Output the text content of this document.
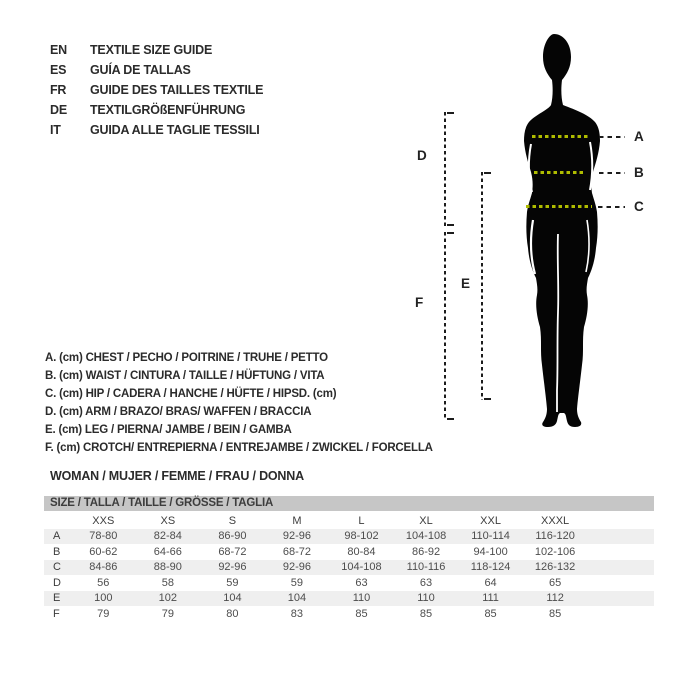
EN TEXTILE SIZE GUIDE
ES GUÍA DE TALLAS
FR GUIDE DES TAILLES TEXTILE
DE TEXTILGRÖßENFÜHRUNG
IT GUIDA ALLE TAGLIE TESSILI	A
B
C
D
E
F
A. (cm) CHEST / PECHO / POITRINE / TRUHE / PETTO
B. (cm) WAIST / CINTURA / TAILLE / HÜFTUNG / VITA
C. (cm) HIP / CADERA / HANCHE / HÜFTE / HIPSD. (cm)
D. (cm) ARM / BRAZO/ BRAS/ WAFFEN / BRACCIA
E. (cm) LEG / PIERNA/ JAMBE / BEIN / GAMBA
F. (cm) CROTCH/ ENTREPIERNA / ENTREJAMBE / ZWICKEL / FORCELLA
WOMAN / MUJER / FEMME / FRAU / DONNA
SIZE / TALLA / TAILLE / GRÖSSE / TAGLIA
	XXS	XS	S	M	L	XL	XXL	XXXL	
A	78-80	82-84	86-90	92-96	98-102	104-108	110-114	116-120	
B	60-62	64-66	68-72	68-72	80-84	86-92	94-100	102-106	
C	84-86	88-90	92-96	92-96	104-108	110-116	118-124	126-132	
D	56	58	59	59	63	63	64	65	
E	100	102	104	104	110	110	111	112	
F	79	79	80	83	85	85	85	85	
